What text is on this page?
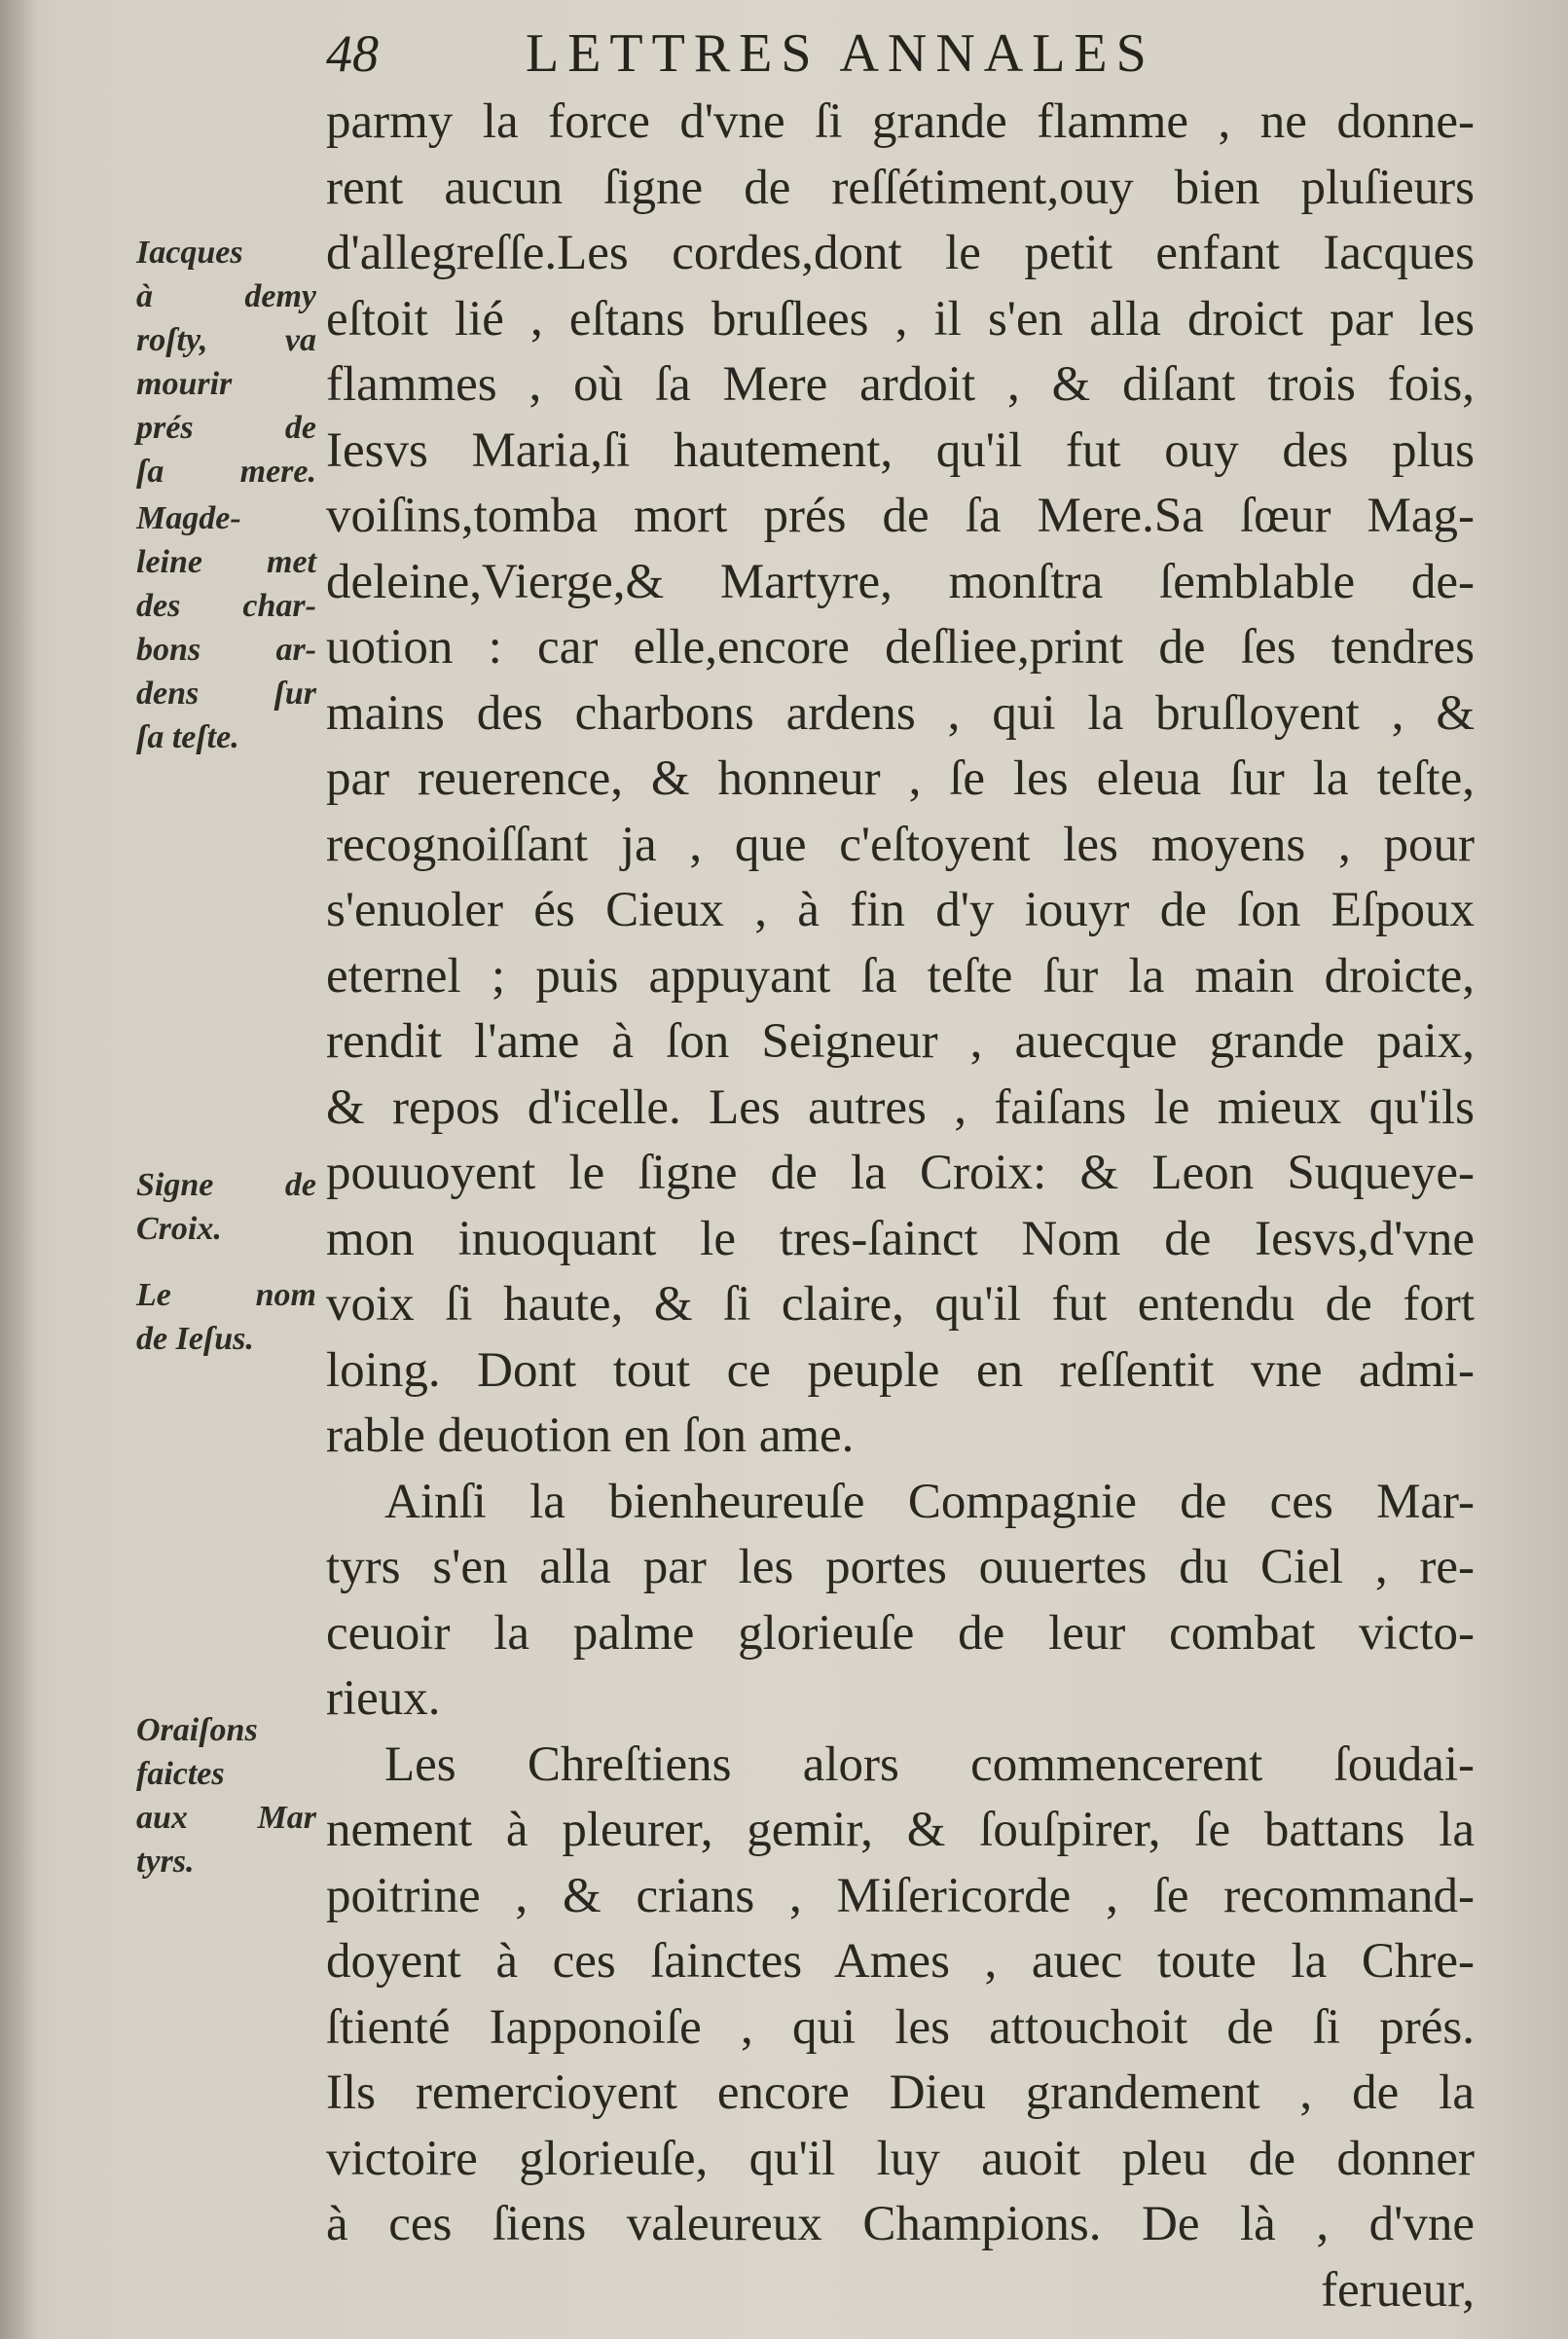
48	LETTRES ANNALES
parmy la force d'vne ſi grande flamme , ne donne-
rent aucun ſigne de reſſétiment,ouy bien pluſieurs
d'allegreſſe.Les cordes,dont le petit enfant Iacques
eſtoit lié , eſtans bruſlees , il s'en alla droict par les
flammes , où ſa Mere ardoit , & diſant trois fois,
Iesvs Maria,ſi hautement, qu'il fut ouy des plus
voiſins,tomba mort prés de ſa Mere.Sa ſœur Mag-
deleine,Vierge,& Martyre, monſtra ſemblable de-
uotion : car elle,encore deſliee,print de ſes tendres
mains des charbons ardens , qui la bruſloyent , &
par reuerence, & honneur , ſe les eleua ſur la teſte,
recognoiſſant ja , que c'eſtoyent les moyens , pour
s'enuoler és Cieux , à fin d'y iouyr de ſon Eſpoux
eternel ; puis appuyant ſa teſte ſur la main droicte,
rendit l'ame à ſon Seigneur , auecque grande paix,
& repos d'icelle. Les autres , faiſans le mieux qu'ils
pouuoyent le ſigne de la Croix: & Leon Suqueye-
mon inuoquant le tres-ſainct Nom de Iesvs,d'vne
voix ſi haute, & ſi claire, qu'il fut entendu de fort
loing. Dont tout ce peuple en reſſentit vne admi-
rable deuotion en ſon ame.
Ainſi la bienheureuſe Compagnie de ces Mar-
tyrs s'en alla par les portes ouuertes du Ciel , re-
ceuoir la palme glorieuſe de leur combat victo-
rieux.
Les Chreſtiens alors commencerent ſoudai-
nement à pleurer, gemir, & ſouſpirer, ſe battans la
poitrine , & crians , Miſericorde , ſe recommand-
doyent à ces ſainctes Ames , auec toute la Chre-
ſtienté Iapponoiſe , qui les attouchoit de ſi prés.
Ils remercioyent encore Dieu grandement , de la
victoire glorieuſe, qu'il luy auoit pleu de donner
à ces ſiens valeureux Champions. De là , d'vne
ferueur,
Iacques
à demy
roſty, va
mourir
prés de
ſa mere.
Magde-
leine met
des char-
bons ar-
dens ſur
ſa teſte.
Signe de
Croix.
Le nom
de Ieſus.
Oraiſons
faictes
aux Mar
tyrs.
